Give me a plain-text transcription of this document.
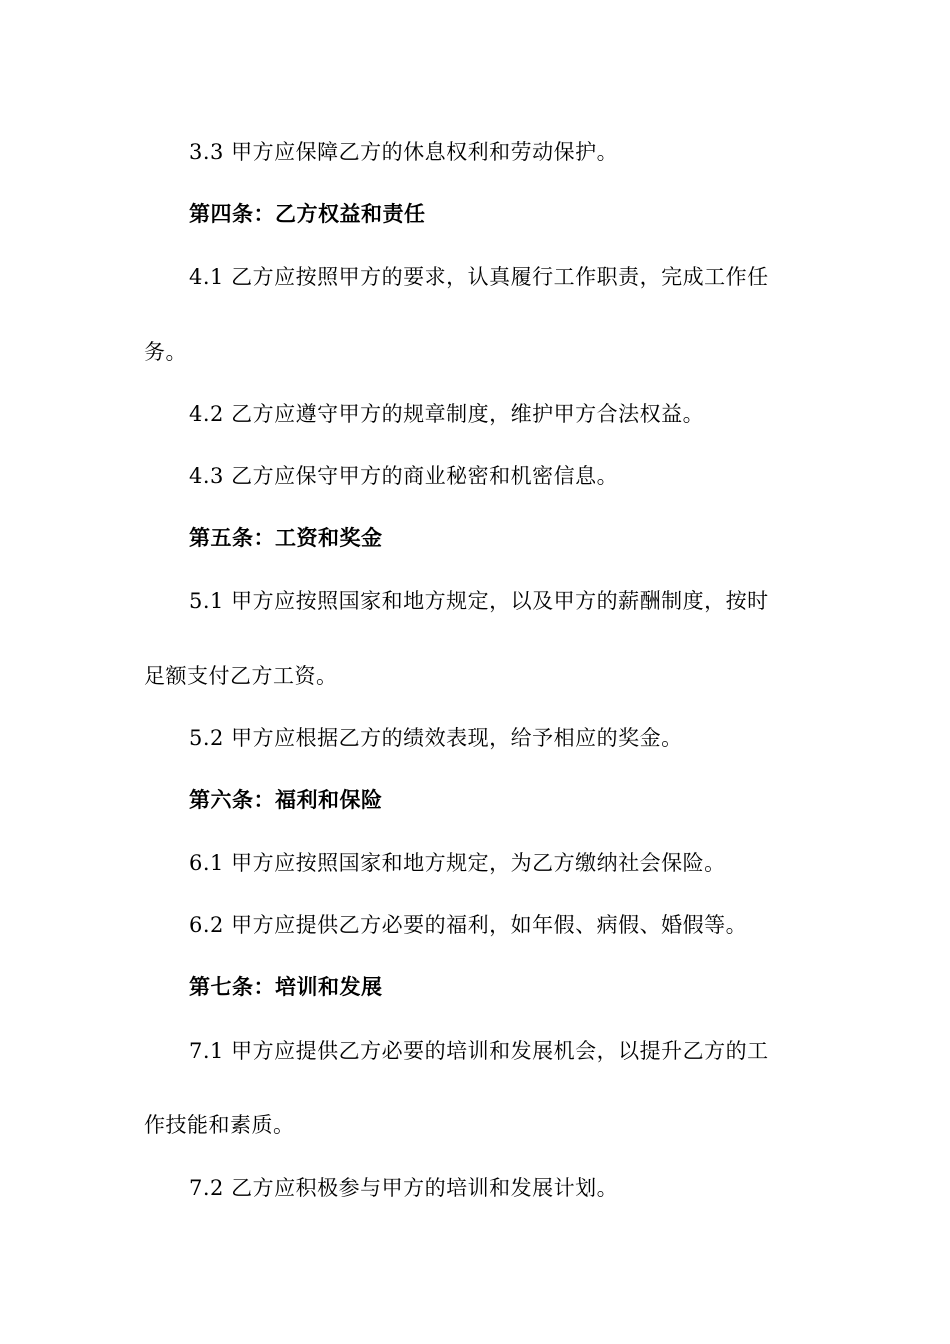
3.3 甲方应保障乙方的休息权利和劳动保护。
第四条：乙方权益和责任
4.1 乙方应按照甲方的要求，认真履行工作职责，完成工作任
务。
4.2 乙方应遵守甲方的规章制度，维护甲方合法权益。
4.3 乙方应保守甲方的商业秘密和机密信息。
第五条：工资和奖金
5.1 甲方应按照国家和地方规定，以及甲方的薪酬制度，按时
足额支付乙方工资。
5.2 甲方应根据乙方的绩效表现，给予相应的奖金。
第六条：福利和保险
6.1 甲方应按照国家和地方规定，为乙方缴纳社会保险。
6.2 甲方应提供乙方必要的福利，如年假、病假、婚假等。
第七条：培训和发展
7.1 甲方应提供乙方必要的培训和发展机会，以提升乙方的工
作技能和素质。
7.2 乙方应积极参与甲方的培训和发展计划。
